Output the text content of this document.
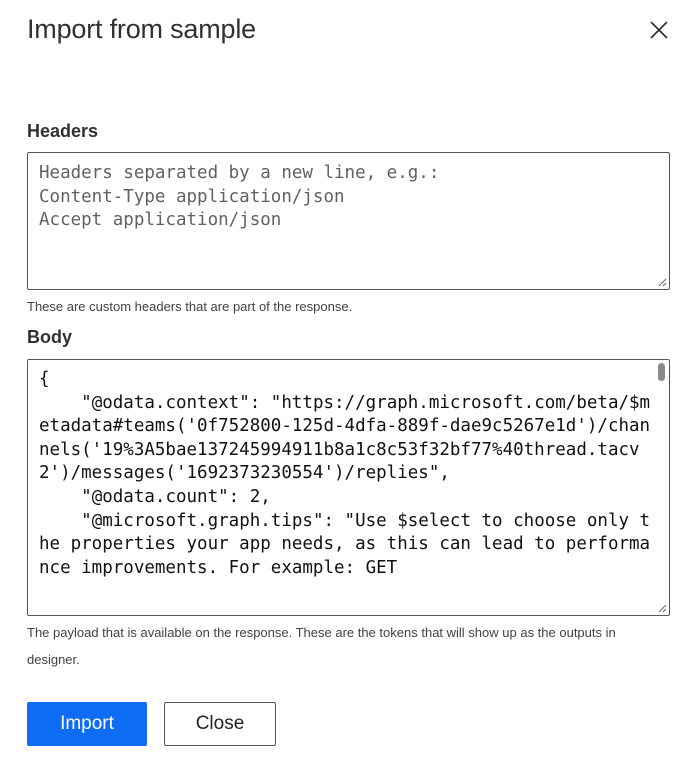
Import from sample
Headers
Headers separated by a new line, e.g.:
Content-Type application/json
Accept application/json
These are custom headers that are part of the response.
Body
{
"@odata.context": "https://graph.microsoft.com/beta/$metadata#teams('0f752800-125d-4dfa-889f-dae9c5267e1d')/channels('19%3A5bae137245994911b8a1c8c53f32bf77%40thread.tacv2')/messages('1692373230554')/replies",
"@odata.count": 2,
"@microsoft.graph.tips": "Use $select to choose only the properties your app needs, as this can lead to performance improvements. For example: GET
The payload that is available on the response. These are the tokens that will show up as the outputs in designer.
Import	Close
